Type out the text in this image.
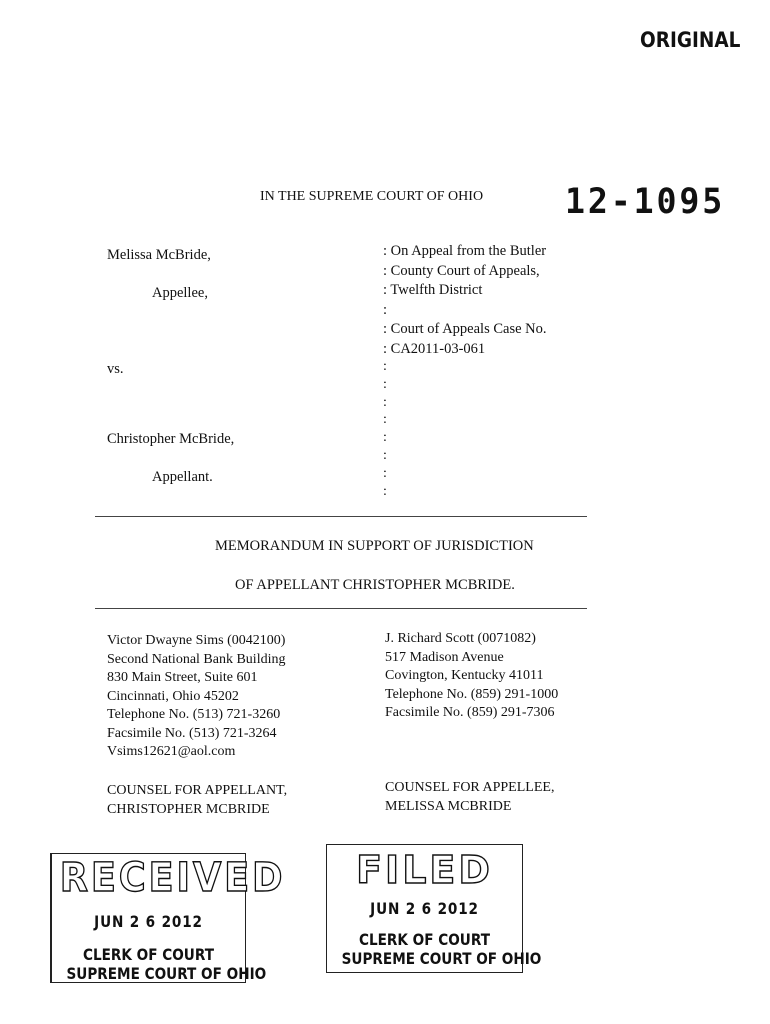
ORIGINAL
IN THE SUPREME COURT OF OHIO 12-1095
Melissa McBride,
Appellee,
vs.
Christopher McBride,
Appellant.
: On Appeal from the Butler
: County Court of Appeals,
: Twelfth District
:
: Court of Appeals Case No.
: CA2011-03-061
:
:
:
:
:
:
:
:
MEMORANDUM IN SUPPORT OF JURISDICTION
OF APPELLANT CHRISTOPHER MCBRIDE.
Victor Dwayne Sims (0042100)
Second National Bank Building
830 Main Street, Suite 601
Cincinnati, Ohio 45202
Telephone No. (513) 721-3260
Facsimile No. (513) 721-3264
Vsims12621@aol.com
COUNSEL FOR APPELLANT,
CHRISTOPHER MCBRIDE
J. Richard Scott (0071082)
517 Madison Avenue
Covington, Kentucky 41011
Telephone No. (859) 291-1000
Facsimile No. (859) 291-7306
COUNSEL FOR APPELLEE,
MELISSA MCBRIDE
RECEIVED
JUN 2 6 2012
CLERK OF COURT
SUPREME COURT OF OHIO
FILED
JUN 2 6 2012
CLERK OF COURT
SUPREME COURT OF OHIO
